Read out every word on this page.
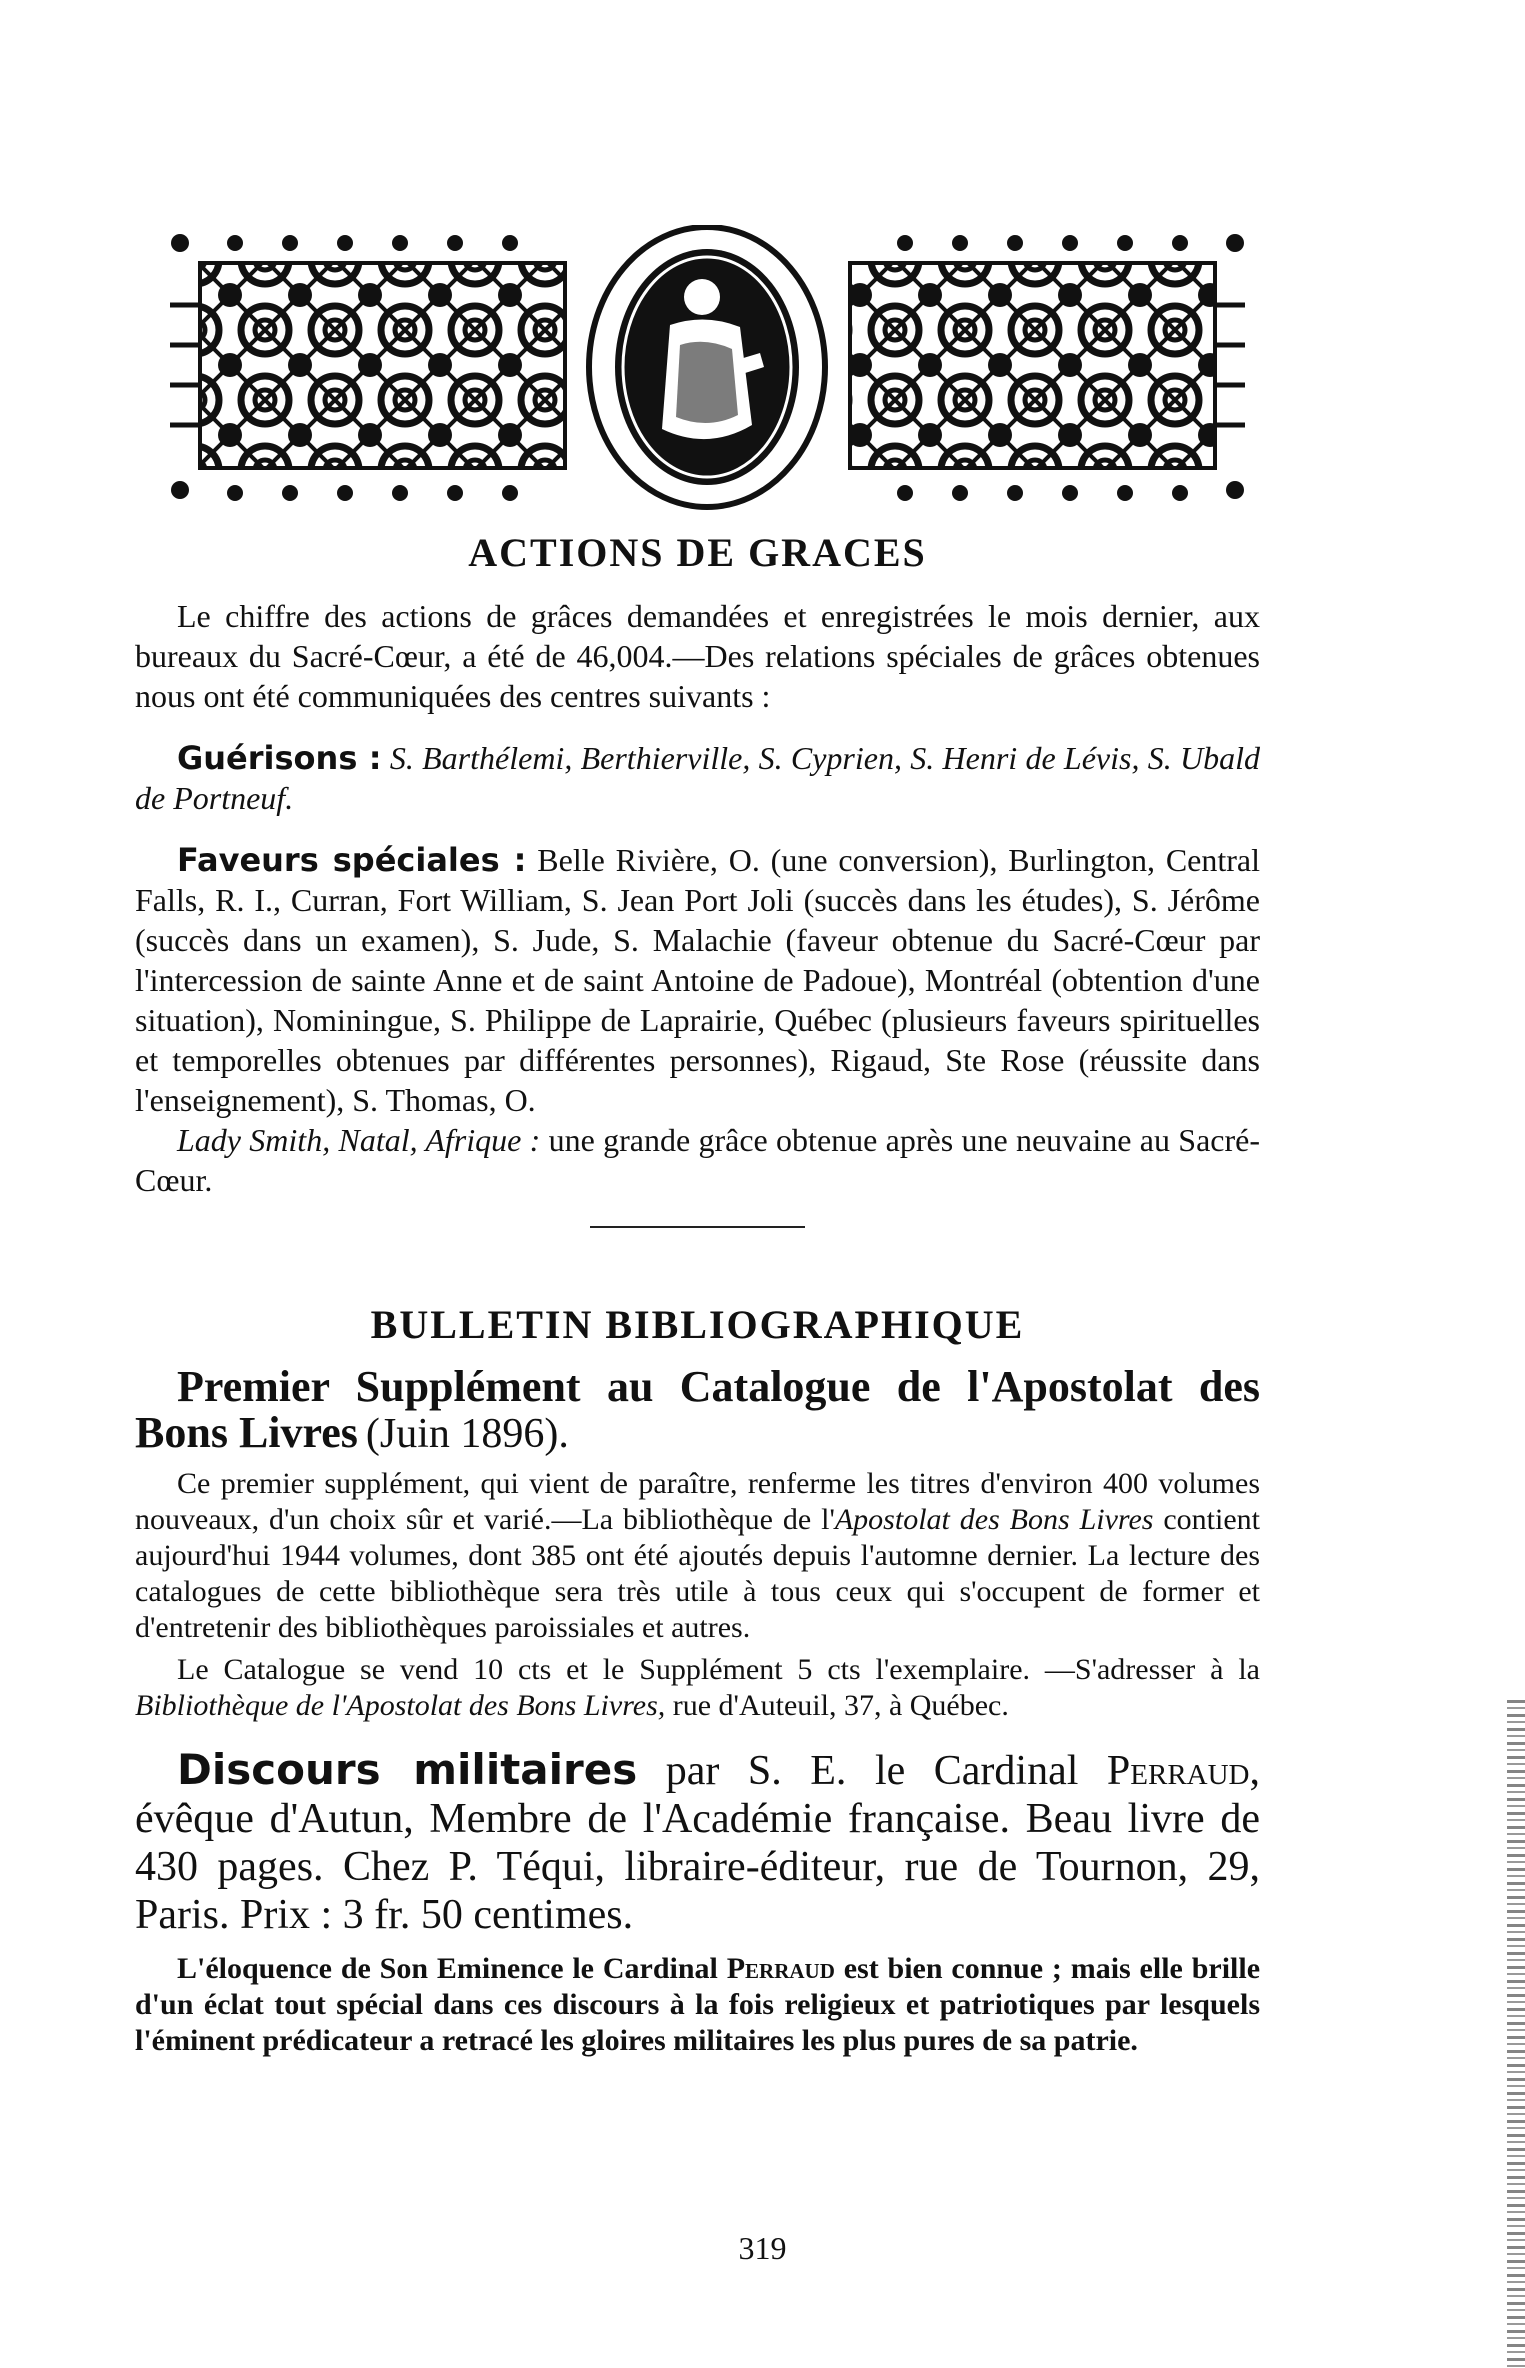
ACTIONS DE GRACES

Le chiffre des actions de grâces demandées et enregistrées le mois dernier, aux bureaux du Sacré-Cœur, a été de 46,004.—Des relations spéciales de grâces obtenues nous ont été communiquées des centres suivants :

Guérisons : S. Barthélemi, Berthierville, S. Cyprien, S. Henri de Lévis, S. Ubald de Portneuf.

Faveurs spéciales : Belle Rivière, O. (une conversion), Burlington, Central Falls, R. I., Curran, Fort William, S. Jean Port Joli (succès dans les études), S. Jérôme (succès dans un examen), S. Jude, S. Malachie (faveur obtenue du Sacré-Cœur par l'intercession de sainte Anne et de saint Antoine de Padoue), Montréal (obtention d'une situation), Nominingue, S. Philippe de Laprairie, Québec (plusieurs faveurs spirituelles et temporelles obtenues par différentes personnes), Rigaud, Ste Rose (réussite dans l'enseignement), S. Thomas, O.

Lady Smith, Natal, Afrique : une grande grâce obtenue après une neuvaine au Sacré-Cœur.

BULLETIN BIBLIOGRAPHIQUE

Premier Supplément au Catalogue de l'Apostolat des Bons Livres (Juin 1896).

Ce premier supplément, qui vient de paraître, renferme les titres d'environ 400 volumes nouveaux, d'un choix sûr et varié.—La bibliothèque de l'Apostolat des Bons Livres contient aujourd'hui 1944 volumes, dont 385 ont été ajoutés depuis l'automne dernier. La lecture des catalogues de cette bibliothèque sera très utile à tous ceux qui s'occupent de former et d'entretenir des bibliothèques paroissiales et autres.

Le Catalogue se vend 10 cts et le Supplément 5 cts l'exemplaire. —S'adresser à la Bibliothèque de l'Apostolat des Bons Livres, rue d'Auteuil, 37, à Québec.

Discours militaires par S. E. le Cardinal Perraud, évêque d'Autun, Membre de l'Académie française. Beau livre de 430 pages. Chez P. Téqui, libraire-éditeur, rue de Tournon, 29, Paris. Prix : 3 fr. 50 centimes.

L'éloquence de Son Eminence le Cardinal Perraud est bien connue ; mais elle brille d'un éclat tout spécial dans ces discours à la fois religieux et patriotiques par lesquels l'éminent prédicateur a retracé les gloires militaires les plus pures de sa patrie.

319
